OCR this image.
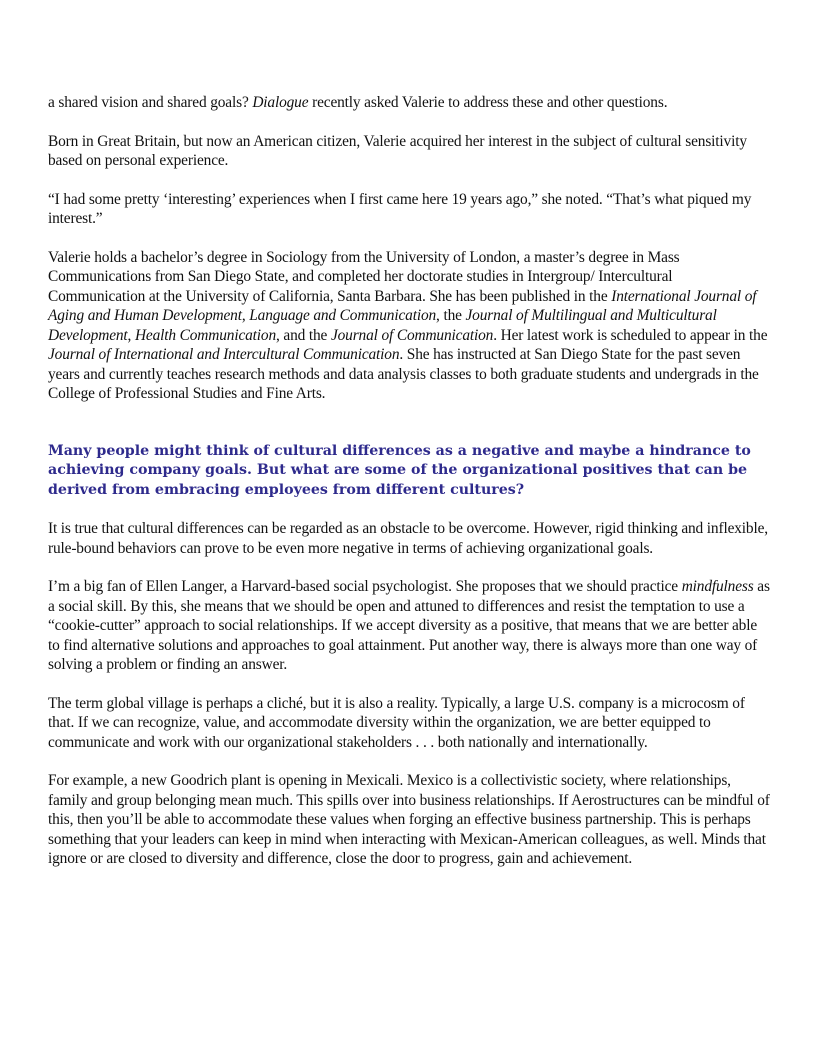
a shared vision and shared goals? Dialogue recently asked Valerie to address these and other questions.

Born in Great Britain, but now an American citizen, Valerie acquired her interest in the subject of cultural sensitivity based on personal experience.

“I had some pretty ‘interesting’ experiences when I first came here 19 years ago,” she noted. “That’s what piqued my interest.”

Valerie holds a bachelor’s degree in Sociology from the University of London, a master’s degree in Mass Communications from San Diego State, and completed her doctorate studies in Intergroup/ Intercultural Communication at the University of California, Santa Barbara. She has been published in the International Journal of Aging and Human Development, Language and Communication, the Journal of Multilingual and Multicultural Development, Health Communication, and the Journal of Communication. Her latest work is scheduled to appear in the Journal of International and Intercultural Communication. She has instructed at San Diego State for the past seven years and currently teaches research methods and data analysis classes to both graduate students and undergrads in the College of Professional Studies and Fine Arts.

Many people might think of cultural differences as a negative and maybe a hindrance to achieving company goals. But what are some of the organizational positives that can be derived from embracing employees from different cultures?

It is true that cultural differences can be regarded as an obstacle to be overcome. However, rigid thinking and inflexible, rule-bound behaviors can prove to be even more negative in terms of achieving organizational goals.

I’m a big fan of Ellen Langer, a Harvard-based social psychologist. She proposes that we should practice mindfulness as a social skill. By this, she means that we should be open and attuned to differences and resist the temptation to use a “cookie-cutter” approach to social relationships. If we accept diversity as a positive, that means that we are better able to find alternative solutions and approaches to goal attainment. Put another way, there is always more than one way of solving a problem or finding an answer.

The term global village is perhaps a cliché, but it is also a reality. Typically, a large U.S. company is a microcosm of that. If we can recognize, value, and accommodate diversity within the organization, we are better equipped to communicate and work with our organizational stakeholders . . . both nationally and internationally.

For example, a new Goodrich plant is opening in Mexicali. Mexico is a collectivistic society, where relationships, family and group belonging mean much. This spills over into business relationships. If Aerostructures can be mindful of this, then you’ll be able to accommodate these values when forging an effective business partnership. This is perhaps something that your leaders can keep in mind when interacting with Mexican-American colleagues, as well. Minds that ignore or are closed to diversity and difference, close the door to progress, gain and achievement.
